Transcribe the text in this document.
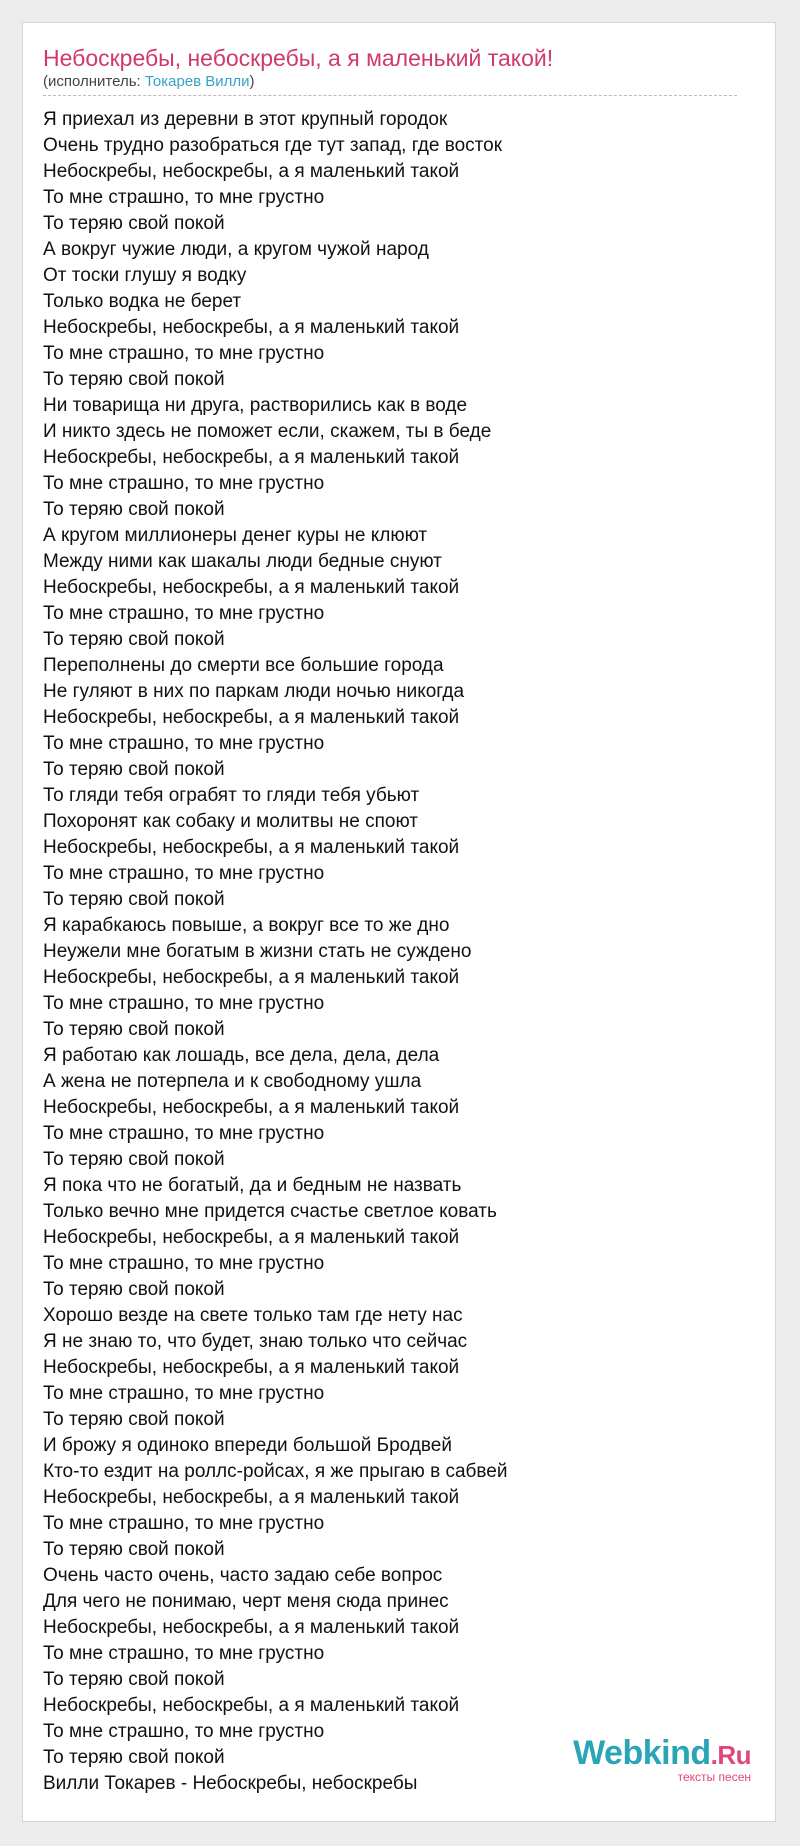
Небоскребы, небоскребы, а я маленький такой!
(исполнитель: Токарев Вилли)
Я приехал из деревни в этот крупный городок
Очень трудно разобраться где тут запад, где восток
Небоскребы, небоскребы, а я маленький такой
То мне страшно, то мне грустно
То теряю свой покой
А вокруг чужие люди, а кругом чужой народ
От тоски глушу я водку
Только водка не берет
Небоскребы, небоскребы, а я маленький такой
То мне страшно, то мне грустно
То теряю свой покой
Ни товарища ни друга, растворились как в воде
И никто здесь не поможет если, скажем, ты в беде
Небоскребы, небоскребы, а я маленький такой
То мне страшно, то мне грустно
То теряю свой покой
А кругом миллионеры денег куры не клюют
Между ними как шакалы люди бедные снуют
Небоскребы, небоскребы, а я маленький такой
То мне страшно, то мне грустно
То теряю свой покой
Переполнены до смерти все большие города
Не гуляют в них по паркам люди ночью никогда
Небоскребы, небоскребы, а я маленький такой
То мне страшно, то мне грустно
То теряю свой покой
То гляди тебя ограбят то гляди тебя убьют
Похоронят как собаку и молитвы не споют
Небоскребы, небоскребы, а я маленький такой
То мне страшно, то мне грустно
То теряю свой покой
Я карабкаюсь повыше, а вокруг все то же дно
Неужели мне богатым в жизни стать не суждено
Небоскребы, небоскребы, а я маленький такой
То мне страшно, то мне грустно
То теряю свой покой
Я работаю как лошадь, все дела, дела, дела
А жена не потерпела и к свободному ушла
Небоскребы, небоскребы, а я маленький такой
То мне страшно, то мне грустно
То теряю свой покой
Я пока что не богатый, да и бедным не назвать
Только вечно мне придется счастье светлое ковать
Небоскребы, небоскребы, а я маленький такой
То мне страшно, то мне грустно
То теряю свой покой
Хорошо везде на свете только там где нету нас
Я не знаю то, что будет, знаю только что сейчас
Небоскребы, небоскребы, а я маленький такой
То мне страшно, то мне грустно
То теряю свой покой
И брожу я одиноко впереди большой Бродвей
Кто-то ездит на роллс-ройсах, я же прыгаю в сабвей
Небоскребы, небоскребы, а я маленький такой
То мне страшно, то мне грустно
То теряю свой покой
Очень часто очень, часто задаю себе вопрос
Для чего не понимаю, черт меня сюда принес
Небоскребы, небоскребы, а я маленький такой
То мне страшно, то мне грустно
То теряю свой покой
Небоскребы, небоскребы, а я маленький такой
То мне страшно, то мне грустно
То теряю свой покой
Вилли Токарев - Небоскребы, небоскребы
Webkind.Ru
тексты песен
